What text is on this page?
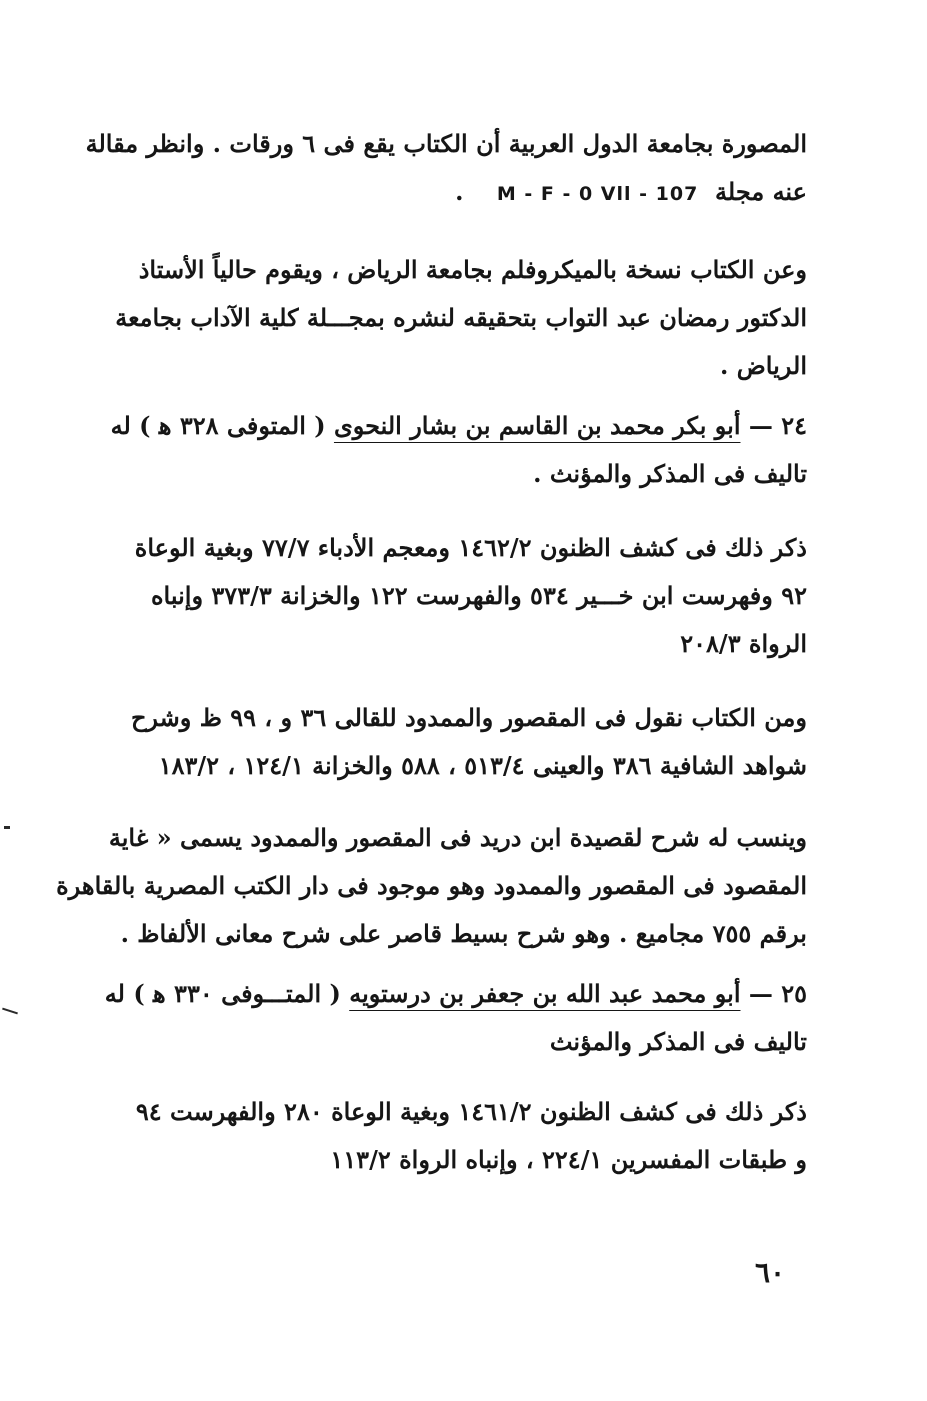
المصورة بجامعة الدول العربية أن الكتاب يقع فى ٦ ورقات . وانظر مقالة
عنه مجلة  M - F - 0 Vll - 107    .
وعن الكتاب نسخة بالميكروفلم بجامعة الرياض ، ويقوم حالياً الأستاذ
الدكتور رمضان عبد التواب بتحقيقه لنشره بمجـــلة كلية الآداب بجامعة
الرياض .
٢٤ — أبو بكر محمد بن القاسم بن بشار النحوى ( المتوفى ٣٢٨ ﻫ ) له
تاليف فى المذكر والمؤنث .
ذكر ذلك فى كشف الظنون ١٤٦٢/٢ ومعجم الأدباء ٧٧/٧ وبغية الوعاة
٩٢ وفهرست ابن خـــير ٥٣٤ والفهرست ١٢٢ والخزانة ٣٧٣/٣ وإنباه
الرواة ٢٠٨/٣
ومن الكتاب نقول فى المقصور والممدود للقالى ٣٦ و ، ٩٩ ظ وشرح
شواهد الشافية ٣٨٦ والعينى ٥١٣/٤ ، ٥٨٨ والخزانة ١٢٤/١ ، ١٨٣/٢
وينسب له شرح لقصيدة ابن دريد فى المقصور والممدود يسمى « غاية
المقصود فى المقصور والممدود وهو موجود فى دار الكتب المصرية بالقاهرة
برقم ٧٥٥ مجاميع . وهو شرح بسيط قاصر على شرح معانى الألفاظ .
٢٥ — أبو محمد عبد الله بن جعفر بن درستويه ( المتـــوفى ٣٣٠ ﻫ ) له
تاليف فى المذكر والمؤنث
ذكر ذلك فى كشف الظنون ١٤٦١/٢ وبغية الوعاة ٢٨٠ والفهرست ٩٤
و طبقات المفسرين ٢٢٤/١ ، وإنباه الرواة ١١٣/٢
٦٠
